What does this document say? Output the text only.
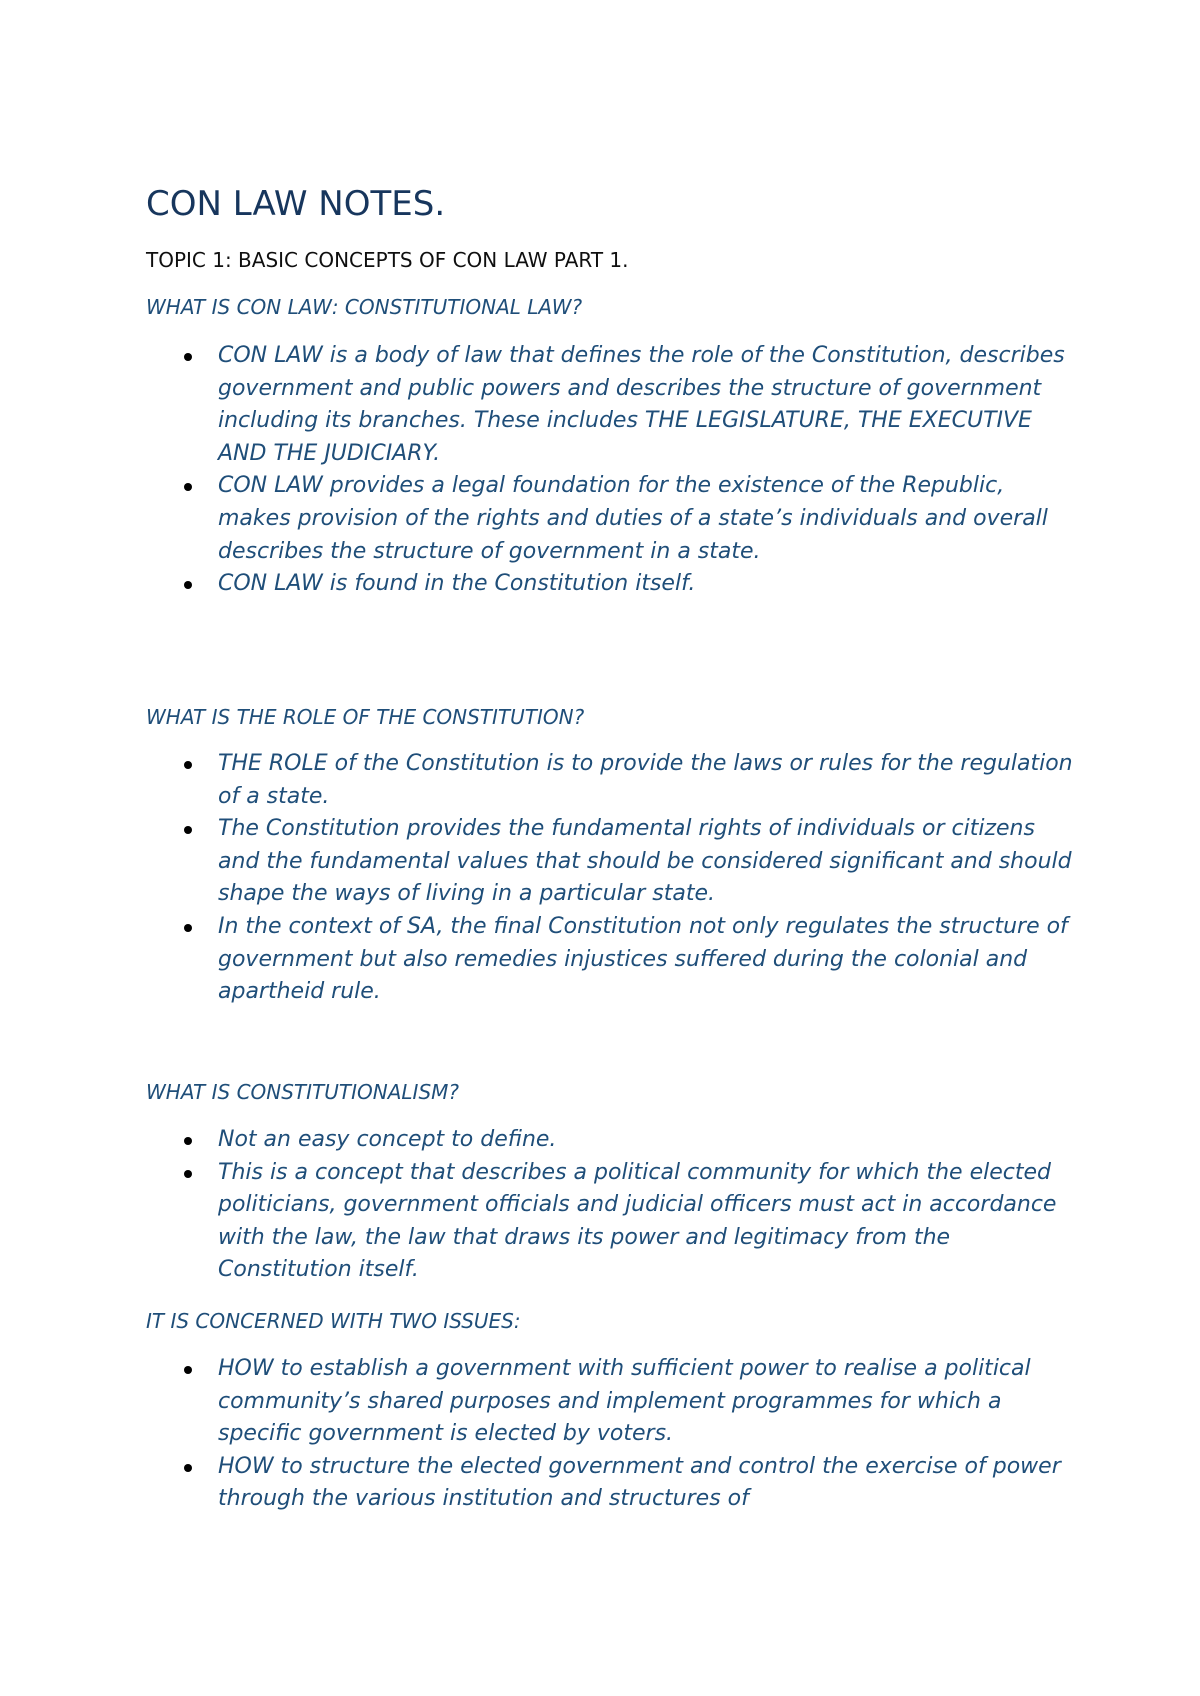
CON LAW NOTES.

TOPIC 1: BASIC CONCEPTS OF CON LAW PART 1.

WHAT IS CON LAW: CONSTITUTIONAL LAW?

CON LAW is a body of law that defines the role of the Constitution, describes government and public powers and describes the structure of government including its branches. These includes THE LEGISLATURE, THE EXECUTIVE AND THE JUDICIARY.
CON LAW provides a legal foundation for the existence of the Republic, makes provision of the rights and duties of a state’s individuals and overall describes the structure of government in a state.
CON LAW is found in the Constitution itself.

WHAT IS THE ROLE OF THE CONSTITUTION?

THE ROLE of the Constitution is to provide the laws or rules for the regulation of a state.
The Constitution provides the fundamental rights of individuals or citizens and the fundamental values that should be considered significant and should shape the ways of living in a particular state.
In the context of SA, the final Constitution not only regulates the structure of government but also remedies injustices suffered during the colonial and apartheid rule.

WHAT IS CONSTITUTIONALISM?

Not an easy concept to define.
This is a concept that describes a political community for which the elected politicians, government officials and judicial officers must act in accordance with the law, the law that draws its power and legitimacy from the Constitution itself.

IT IS CONCERNED WITH TWO ISSUES:

HOW to establish a government with sufficient power to realise a political community’s shared purposes and implement programmes for which a specific government is elected by voters.
HOW to structure the elected government and control the exercise of power through the various institution and structures of
